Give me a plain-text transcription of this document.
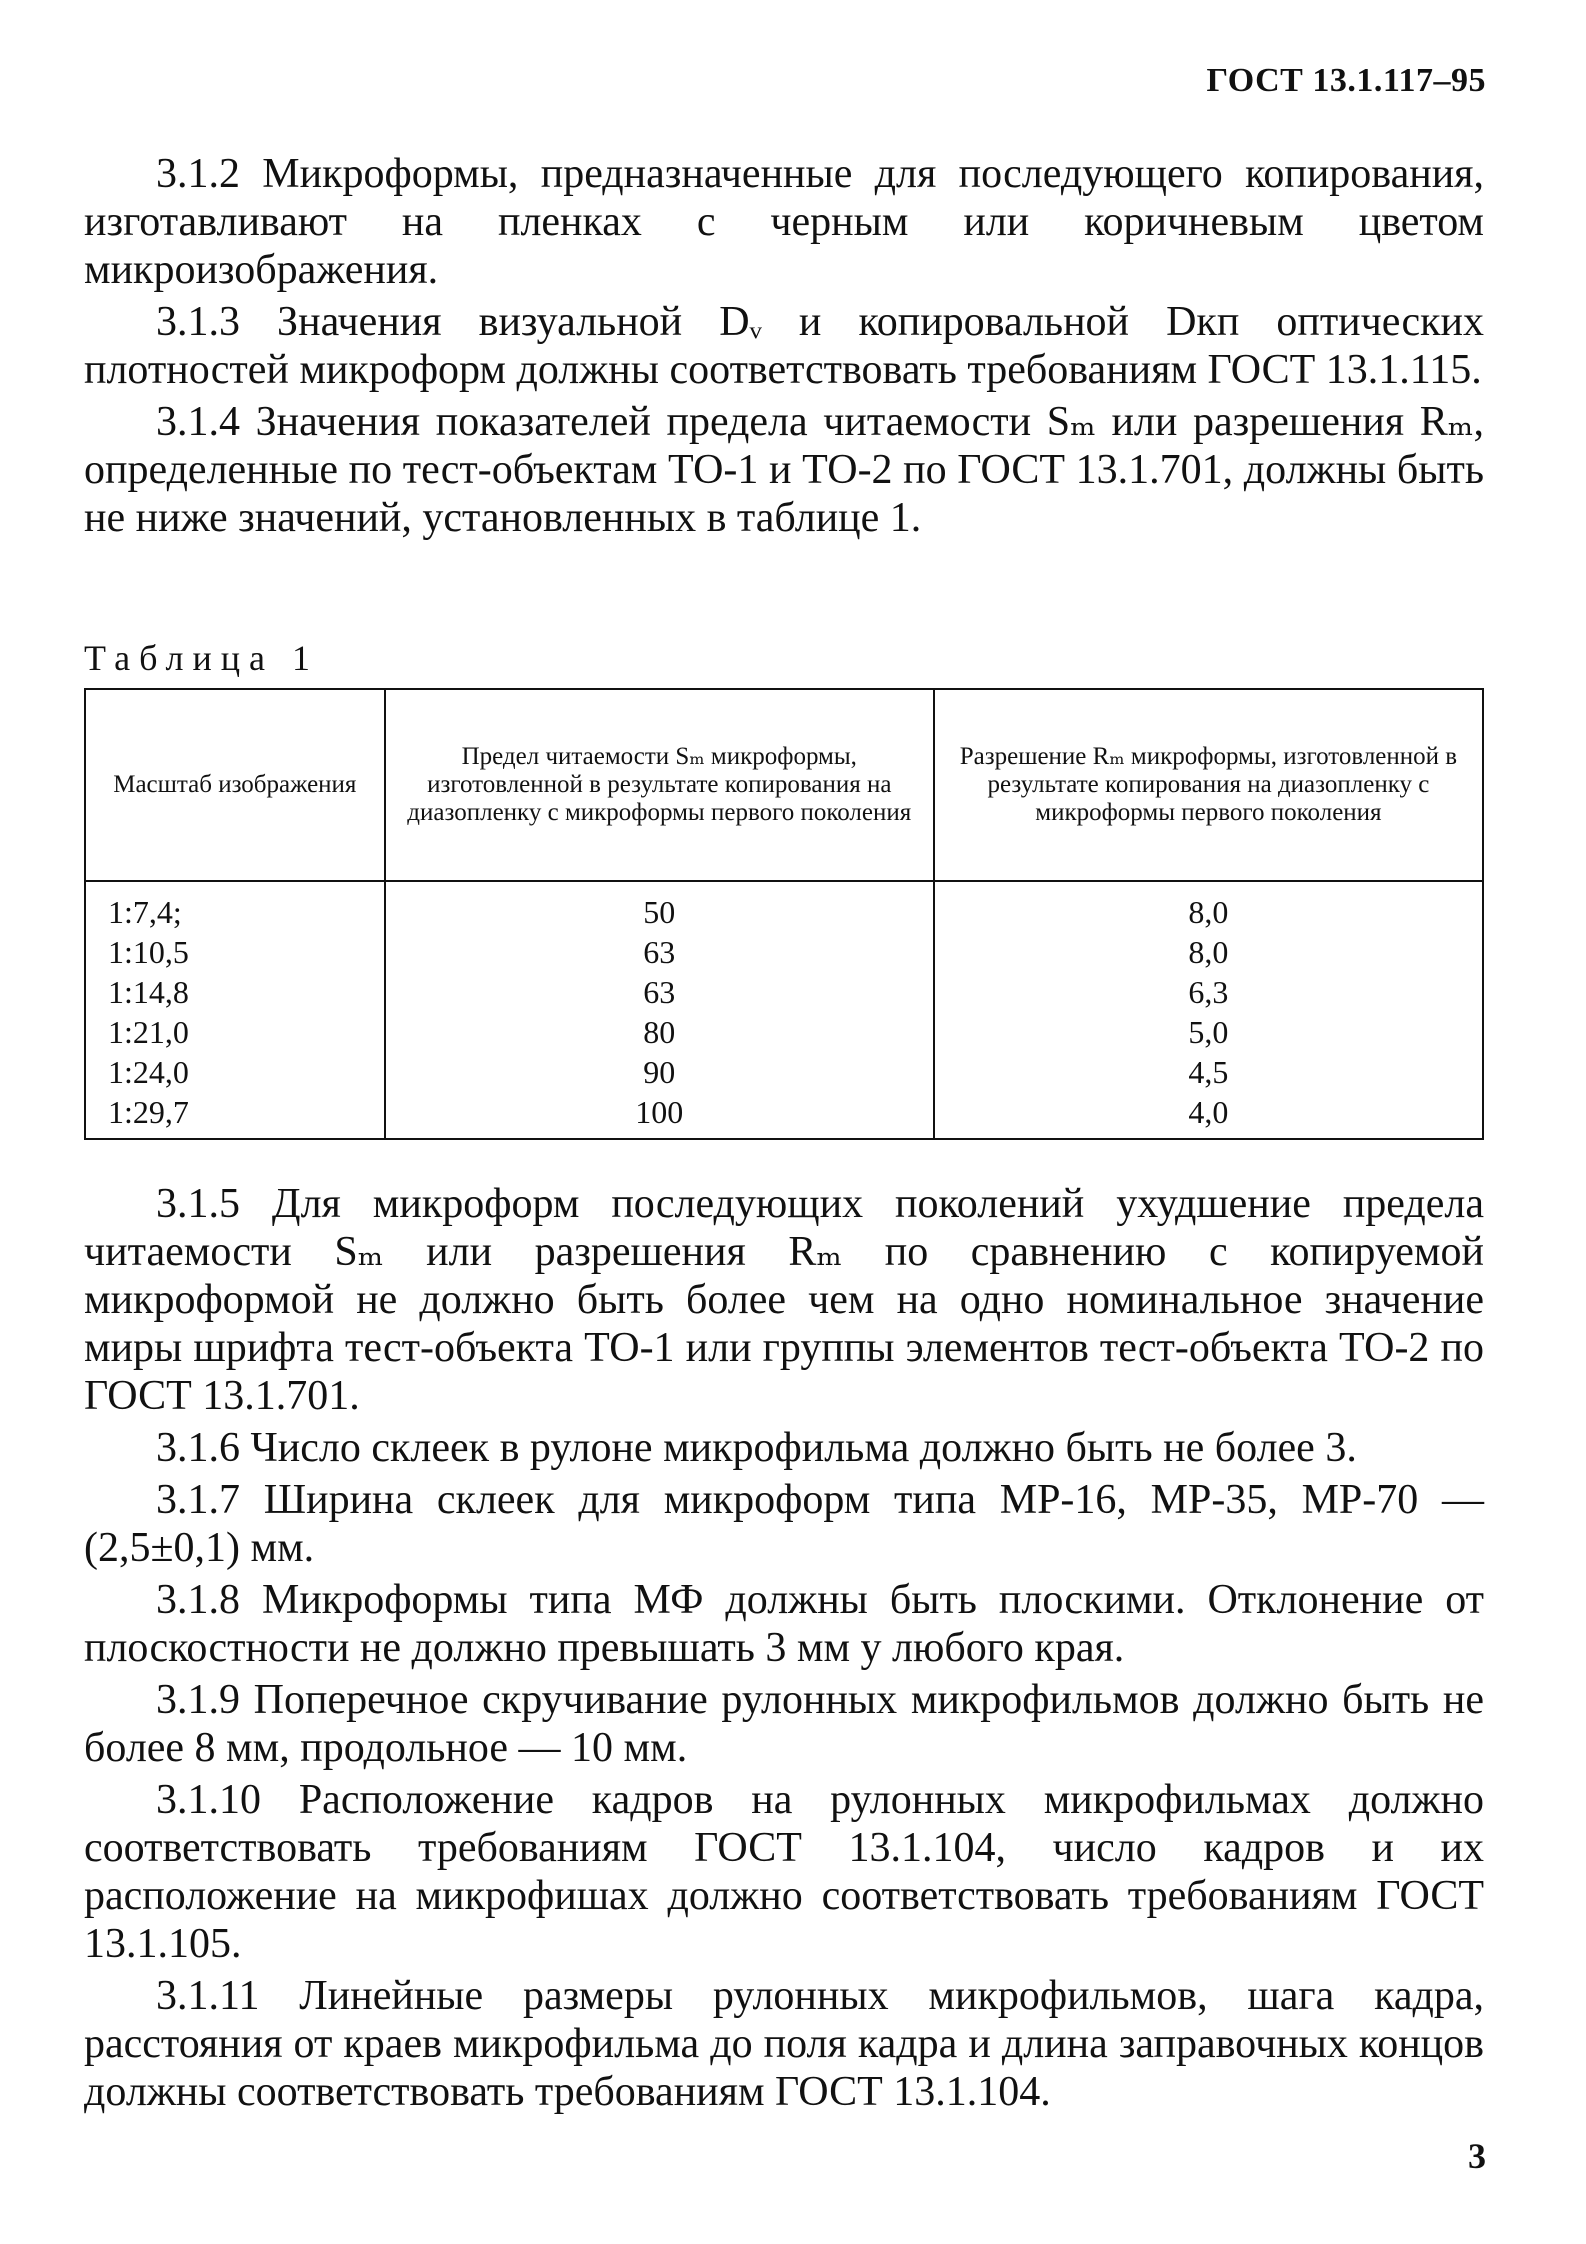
ГОСТ 13.1.117–95

3.1.2 Микроформы, предназначенные для последующего копирования, изготавливают на пленках с черным или коричневым цветом микроизображения.

3.1.3 Значения визуальной Dᵥ и копировальной Dкп оптических плотностей микроформ должны соответствовать требованиям ГОСТ 13.1.115.

3.1.4 Значения показателей предела читаемости Sₘ или разрешения Rₘ, определенные по тест-объектам ТО-1 и ТО-2 по ГОСТ 13.1.701, должны быть не ниже значений, установленных в таблице 1.

Таблица 1
Масштаб изображения	Предел читаемости Sₘ микроформы, изготовленной в результате копирования на диазопленку с микроформы первого поколения	Разрешение Rₘ микроформы, изготовленной в результате копирования на диазопленку с микроформы первого поколения
1:7,4;	50	8,0
1:10,5	63	8,0
1:14,8	63	6,3
1:21,0	80	5,0
1:24,0	90	4,5
1:29,7	100	4,0

3.1.5 Для микроформ последующих поколений ухудшение предела читаемости Sₘ или разрешения Rₘ по сравнению с копируемой микроформой не должно быть более чем на одно номинальное значение миры шрифта тест-объекта ТО-1 или группы элементов тест-объекта ТО-2 по ГОСТ 13.1.701.

3.1.6 Число склеек в рулоне микрофильма должно быть не более 3.

3.1.7 Ширина склеек для микроформ типа МР-16, МР-35, МР-70 — (2,5±0,1) мм.

3.1.8 Микроформы типа МФ должны быть плоскими. Отклонение от плоскостности не должно превышать 3 мм у любого края.

3.1.9 Поперечное скручивание рулонных микрофильмов должно быть не более 8 мм, продольное — 10 мм.

3.1.10 Расположение кадров на рулонных микрофильмах должно соответствовать требованиям ГОСТ 13.1.104, число кадров и их расположение на микрофишах должно соответствовать требованиям ГОСТ 13.1.105.

3.1.11 Линейные размеры рулонных микрофильмов, шага кадра, расстояния от краев микрофильма до поля кадра и длина заправочных концов должны соответствовать требованиям ГОСТ 13.1.104.

3
